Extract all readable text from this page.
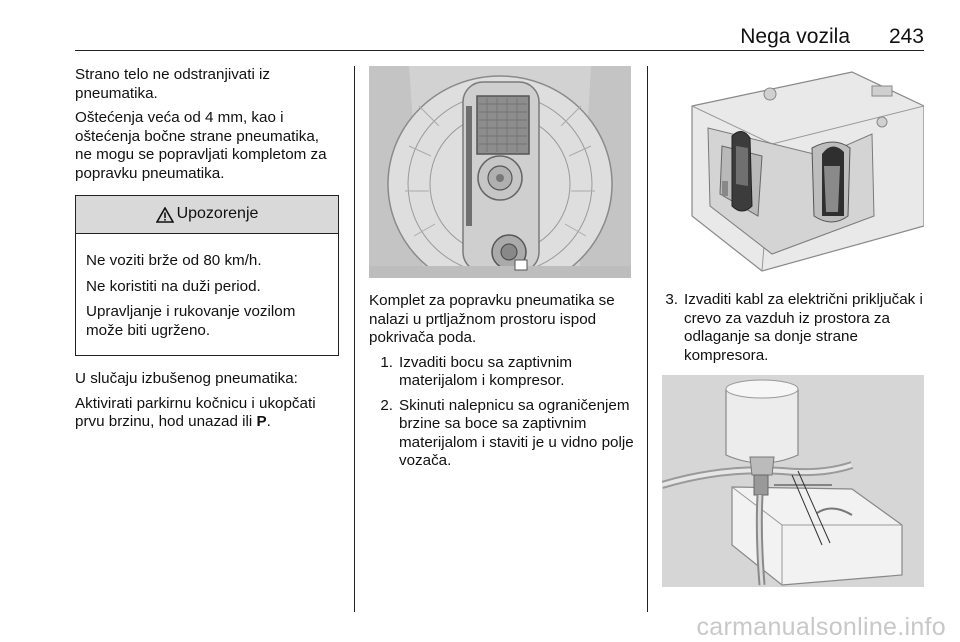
Nega vozila 243

Strano telo ne odstranjivati iz pneumatika.

Oštećenja veća od 4 mm, kao i oštećenja bočne strane pneumatika, ne mogu se popravljati kompletom za popravku pneumatika.

Upozorenje

Ne voziti brže od 80 km/h.

Ne koristiti na duži period.

Upravljanje i rukovanje vozilom može biti ugrženo.

U slučaju izbušenog pneumatika:

Aktivirati parkirnu kočnicu i ukopčati prvu brzinu, hod unazad ili P.

Komplet za popravku pneumatika se nalazi u prtljažnom prostoru ispod pokrivača poda.

1. Izvaditi bocu sa zaptivnim materijalom i kompresor.
2. Skinuti nalepnicu sa ograničenjem brzine sa boce sa zaptivnim materijalom i staviti je u vidno polje vozača.
3. Izvaditi kabl za električni priključak i crevo za vazduh iz prostora za odlaganje sa donje strane kompresora.
carmanualsonline.info
